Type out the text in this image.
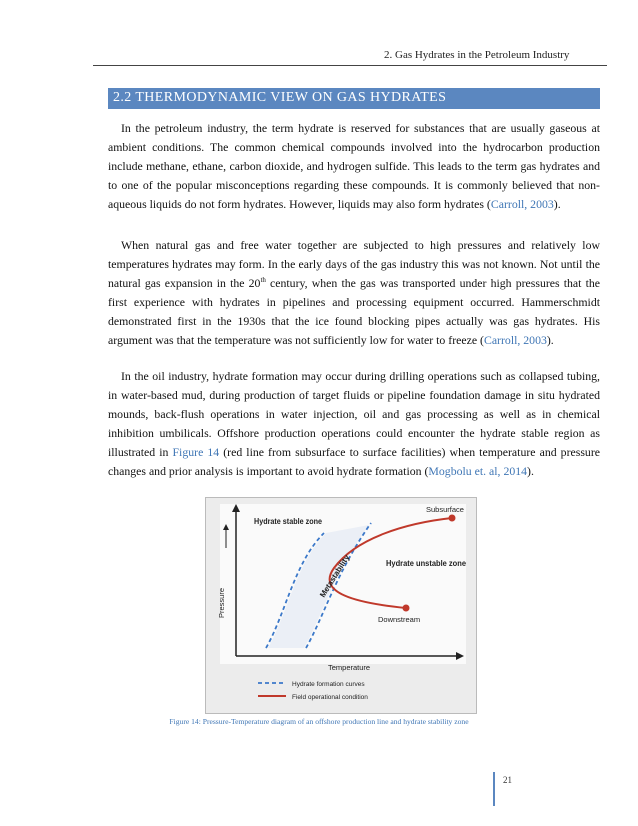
2. Gas Hydrates in the Petroleum Industry
2.2 THERMODYNAMIC VIEW ON GAS HYDRATES

In the petroleum industry, the term hydrate is reserved for substances that are usually gaseous at ambient conditions. The common chemical compounds involved into the hydrocarbon production include methane, ethane, carbon dioxide, and hydrogen sulfide. This leads to the term gas hydrates and to one of the popular misconceptions regarding these compounds. It is commonly believed that non-aqueous liquids do not form hydrates. However, liquids may also form hydrates (Carroll, 2003).

When natural gas and free water together are subjected to high pressures and relatively low temperatures hydrates may form. In the early days of the gas industry this was not known. Not until the natural gas expansion in the 20th century, when the gas was transported under high pressures that the first experience with hydrates in pipelines and processing equipment occurred. Hammerschmidt demonstrated first in the 1930s that the ice found blocking pipes actually was gas hydrates. His argument was that the temperature was not sufficiently low for water to freeze (Carroll, 2003).

In the oil industry, hydrate formation may occur during drilling operations such as collapsed tubing, in water-based mud, during production of target fluids or pipeline foundation damage in situ hydrated mounds, back-flush operations in water injection, oil and gas processing as well as in chemical inhibition umbilicals. Offshore production operations could encounter the hydrate stable region as illustrated in Figure 14 (red line from subsurface to surface facilities) when temperature and pressure changes and prior analysis is important to avoid hydrate formation (Mogbolu et. al, 2014).

Hydrate stable zone
Hydrate unstable zone
Metastability
Subsurface
Downstream
Pressure
Temperature
Hydrate formation curves
Field operational condition
Figure 14: Pressure-Temperature diagram of an offshore production line and hydrate stability zone
21
